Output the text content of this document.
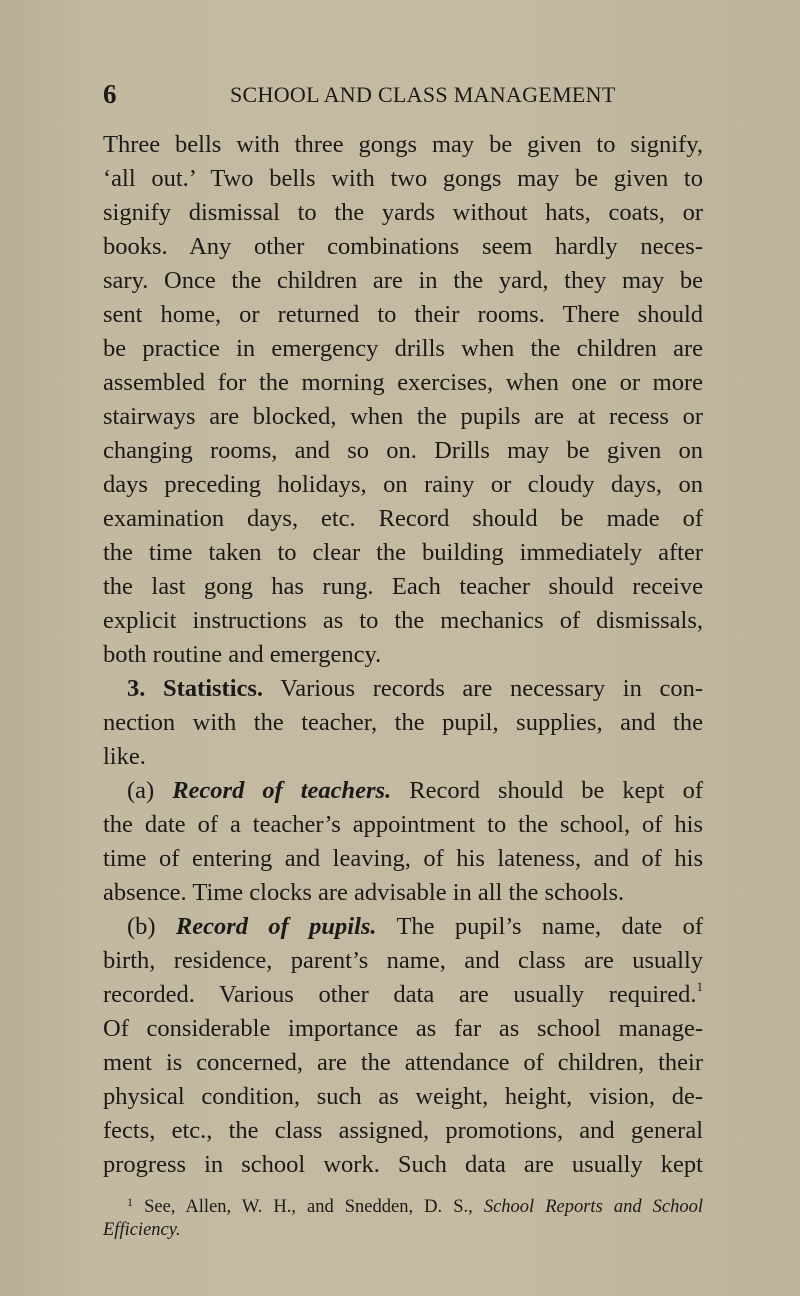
6	SCHOOL AND CLASS MANAGEMENT
Three bells with three gongs may be given to signify,
‘all out.’ Two bells with two gongs may be given to
signify dismissal to the yards without hats, coats, or
books. Any other combinations seem hardly neces-
sary. Once the children are in the yard, they may be
sent home, or returned to their rooms. There should
be practice in emergency drills when the children are
assembled for the morning exercises, when one or more
stairways are blocked, when the pupils are at recess or
changing rooms, and so on. Drills may be given on
days preceding holidays, on rainy or cloudy days, on
examination days, etc. Record should be made of
the time taken to clear the building immediately after
the last gong has rung. Each teacher should receive
explicit instructions as to the mechanics of dismissals,
both routine and emergency.
3. Statistics. Various records are necessary in con-
nection with the teacher, the pupil, supplies, and the
like.
(a) Record of teachers. Record should be kept of
the date of a teacher’s appointment to the school, of his
time of entering and leaving, of his lateness, and of his
absence. Time clocks are advisable in all the schools.
(b) Record of pupils. The pupil’s name, date of
birth, residence, parent’s name, and class are usually
recorded. Various other data are usually required.$^1$
Of considerable importance as far as school manage-
ment is concerned, are the attendance of children, their
physical condition, such as weight, height, vision, de-
fects, etc., the class assigned, promotions, and general
progress in school work. Such data are usually kept
$^1$ See, Allen, W. H., and Snedden, D. S., School Reports and School
Efficiency.
